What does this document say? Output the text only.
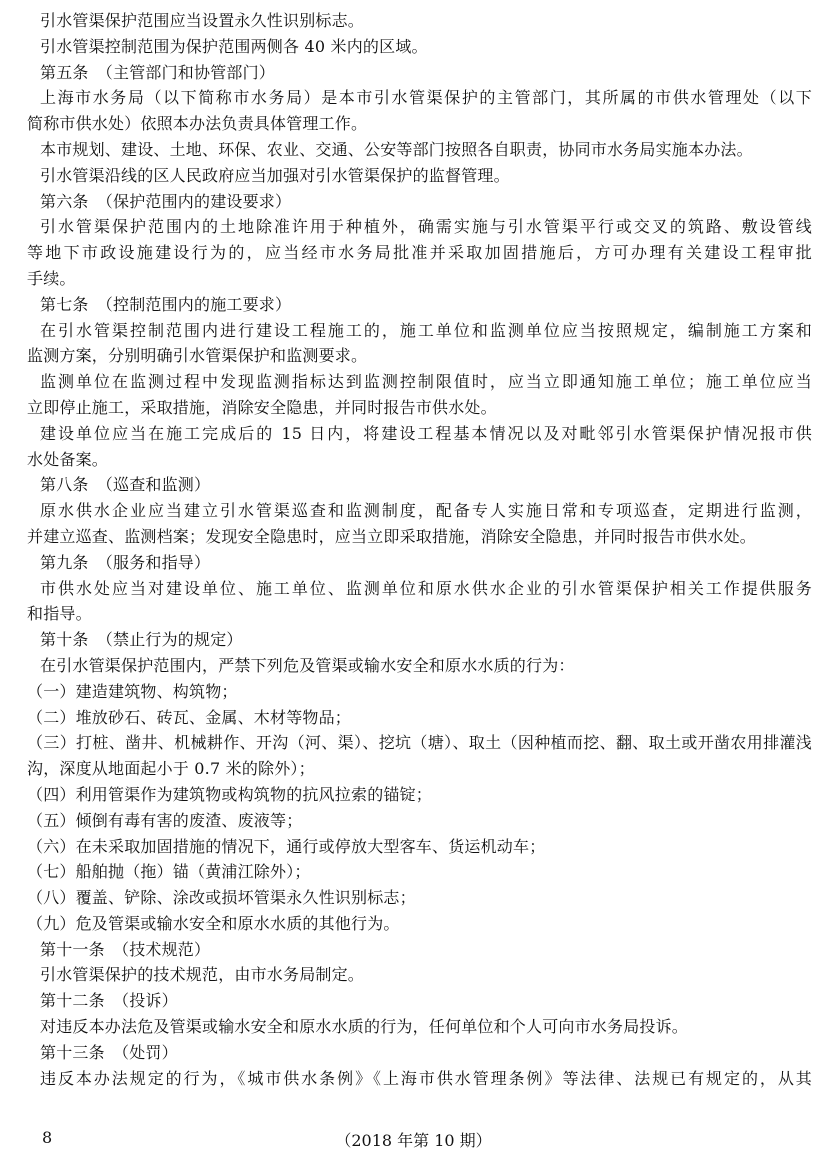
引水管渠保护范围应当设置永久性识别标志。

引水管渠控制范围为保护范围两侧各 40 米内的区域。

第五条　（主管部门和协管部门）

上海市水务局（以下简称市水务局）是本市引水管渠保护的主管部门，其所属的市供水管理处（以下

简称市供水处）依照本办法负责具体管理工作。

本市规划、建设、土地、环保、农业、交通、公安等部门按照各自职责，协同市水务局实施本办法。

引水管渠沿线的区人民政府应当加强对引水管渠保护的监督管理。

第六条　（保护范围内的建设要求）

引水管渠保护范围内的土地除准许用于种植外，确需实施与引水管渠平行或交叉的筑路、敷设管线

等地下市政设施建设行为的，应当经市水务局批准并采取加固措施后，方可办理有关建设工程审批

手续。

第七条　（控制范围内的施工要求）

在引水管渠控制范围内进行建设工程施工的，施工单位和监测单位应当按照规定，编制施工方案和

监测方案，分别明确引水管渠保护和监测要求。

监测单位在监测过程中发现监测指标达到监测控制限值时，应当立即通知施工单位；施工单位应当

立即停止施工，采取措施，消除安全隐患，并同时报告市供水处。

建设单位应当在施工完成后的 15 日内，将建设工程基本情况以及对毗邻引水管渠保护情况报市供

水处备案。

第八条　（巡查和监测）

原水供水企业应当建立引水管渠巡查和监测制度，配备专人实施日常和专项巡查，定期进行监测，

并建立巡查、监测档案；发现安全隐患时，应当立即采取措施，消除安全隐患，并同时报告市供水处。

第九条　（服务和指导）

市供水处应当对建设单位、施工单位、监测单位和原水供水企业的引水管渠保护相关工作提供服务

和指导。

第十条　（禁止行为的规定）

在引水管渠保护范围内，严禁下列危及管渠或输水安全和原水水质的行为：

（一）建造建筑物、构筑物；

（二）堆放砂石、砖瓦、金属、木材等物品；

（三）打桩、凿井、机械耕作、开沟（河、渠）、挖坑（塘）、取土（因种植而挖、翻、取土或开凿农用排灌浅

沟，深度从地面起小于 0.7 米的除外）；

（四）利用管渠作为建筑物或构筑物的抗风拉索的锚锭；

（五）倾倒有毒有害的废渣、废液等；

（六）在未采取加固措施的情况下，通行或停放大型客车、货运机动车；

（七）船舶抛（拖）锚（黄浦江除外）；

（八）覆盖、铲除、涂改或损坏管渠永久性识别标志；

（九）危及管渠或输水安全和原水水质的其他行为。

第十一条　（技术规范）

引水管渠保护的技术规范，由市水务局制定。

第十二条　（投诉）

对违反本办法危及管渠或输水安全和原水水质的行为，任何单位和个人可向市水务局投诉。

第十三条　（处罚）

违反本办法规定的行为，《城市供水条例》《上海市供水管理条例》等法律、法规已有规定的，从其

8	（2018 年第 10 期）
